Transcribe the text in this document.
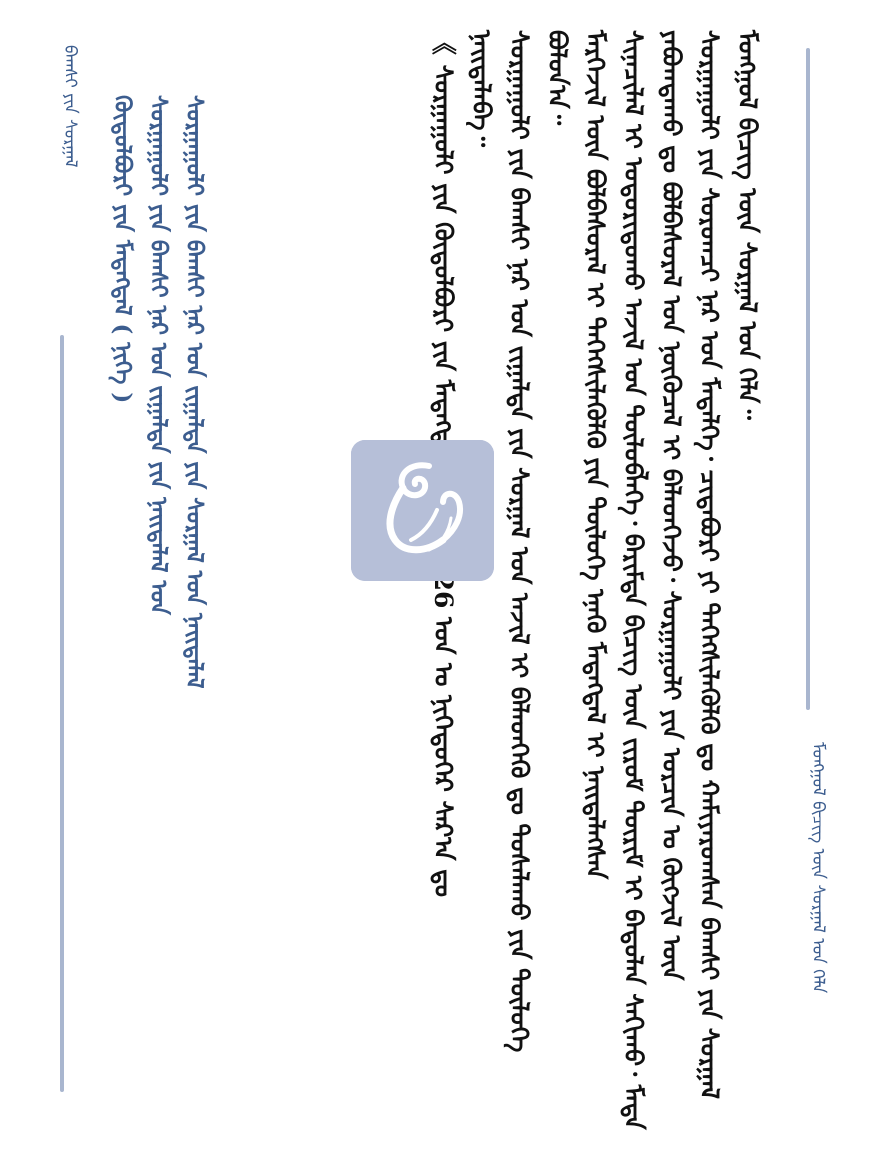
ᠮᠣᠩᠭᠣᠯ ᠪᠢᠴᠢᠭ᠌ ᠦᠨ ᠰᠤᠷᠭᠠᠯ ᠤᠨ ᠬᠡᠯᠡ
ᠮᠣᠩᠭᠣᠯ ᠪᠢᠴᠢᠭ᠌ ᠦᠨ ᠰᠤᠷᠭᠠᠯ ᠤᠨ ᠬᠡᠯᠡ᠃
ᠰᠤᠷᠭᠠᠭᠤᠯᠢ ᠶᠢᠨ ᠰᠤᠷᠤᠭᠴᠢ ᠨᠠᠷ ᠤᠨ ᠮᠡᠳᠡᠯᠭᠡ᠂ ᠴᠢᠳᠠᠪᠤᠷᠢ ᠶᠢ ᠳᠡᠭᠡᠭᠰᠢᠯᠡᠭᠦᠯᠬᠦ ᠳᠤ ᠬᠠᠮᠢᠶᠠᠷᠤᠭᠰᠠᠨ ᠪᠠᠭᠰᠢ ᠶᠢᠨ ᠰᠤᠷᠭᠠᠯ
ᠶᠠᠪᠤᠭᠳᠠᠬᠤ ᠳᠤ ᠪᠣᠯᠪᠠᠰᠤᠷᠠᠯ ᠤᠨ ᠨᠥᠬᠦᠴᠡᠯ ᠢ ᠪᠡᠯᠡᠳᠬᠡᠵᠦ᠂ ᠰᠤᠷᠭᠠᠭᠤᠯᠢ ᠶᠢᠨ ᠤᠷᠴᠢᠨ ᠤ ᠬᠥᠭᠵᠢᠯ ᠦᠨ
ᠰᠢᠨᠡᠴᠢᠯᠡᠯ ᠢ ᠤᠳᠤᠷᠢᠳᠤᠬᠤ ᠠᠵᠢᠯ ᠤᠨ ᠲᠥᠯᠥᠪᠯᠡᠭᠡ᠂ ᠪᠠᠷᠢᠮᠲᠠ ᠪᠢᠴᠢᠭ᠌ ᠦᠨ ᠵᠢᠷᠤᠮ ᠳᠦᠷᠢᠮ ᠢ ᠪᠠᠲᠤᠯᠠᠨ ᠰᠠᠬᠢᠬᠤ᠂ ᠮᠡᠳᠡ
ᠮᠡᠷᠭᠡᠵᠢᠯ ᠦᠨ ᠪᠣᠯᠪᠠᠰᠤᠷᠠᠯ ᠢ ᠳᠡᠭᠡᠭᠰᠢᠯᠡᠭᠦᠯᠬᠦ ᠶᠢᠨ ᠲᠥᠯᠥᠭᠡ ᠡᠨᠡᠬᠦ ᠮᠡᠳᠡᠭᠳᠡᠯ ᠢ ᠨᠡᠢᠲᠡᠯᠡᠭᠰᠡᠨ
ᠪᠣᠯᠤᠨ᠎ᠠ᠃
ᠰᠤᠷᠭᠠᠭᠤᠯᠢ ᠶᠢᠨ ᠪᠠᠭᠰᠢ ᠨᠠᠷ ᠤᠨ ᠵᠢᠭᠠᠯᠲᠠ ᠶᠢᠨ ᠰᠤᠷᠭᠠᠯ ᠤᠨ ᠠᠵᠢᠯ ᠢ ᠪᠡᠯᠡᠳᠬᠡᠬᠦ ᠳᠤ ᠲᠤᠰᠠᠯᠠᠬᠤ ᠶᠢᠨ ᠲᠥᠯᠥᠭᠡ
ᠨᠡᠢᠲᠡᠯᠡᠪᠡ᠃
ᠰᠤᠷᠭᠠᠭᠤᠯᠢ ᠶᠢᠨ ᠪᠠᠭᠰᠢ ᠨᠠᠷ ᠤᠨ ᠵᠢᠭᠠᠯᠲᠠ ᠶᠢᠨ ᠰᠤᠷᠭᠠᠯ ᠤᠨ ᠨᠡᠢᠲᠡᠯᠡᠯ
ᠰᠤᠷᠭᠠᠭᠤᠯᠢ ᠶᠢᠨ ᠪᠠᠭᠰᠢ ᠨᠠᠷ ᠤᠨ ᠵᠢᠭᠠᠯᠲᠠ ᠶᠢᠨ ᠨᠡᠢᠲᠡᠯᠡᠯ ᠤᠨ
ᠬᠥᠲᠥᠯᠪᠦᠷᠢ ᠶᠢᠨ ᠮᠡᠳᠡᠭᠳᠡᠯ ( ᠨᠢᠭᠡ )
ᠪᠠᠭᠰᠢ ᠶᠢᠨ ᠰᠤᠷᠭᠠᠯ
